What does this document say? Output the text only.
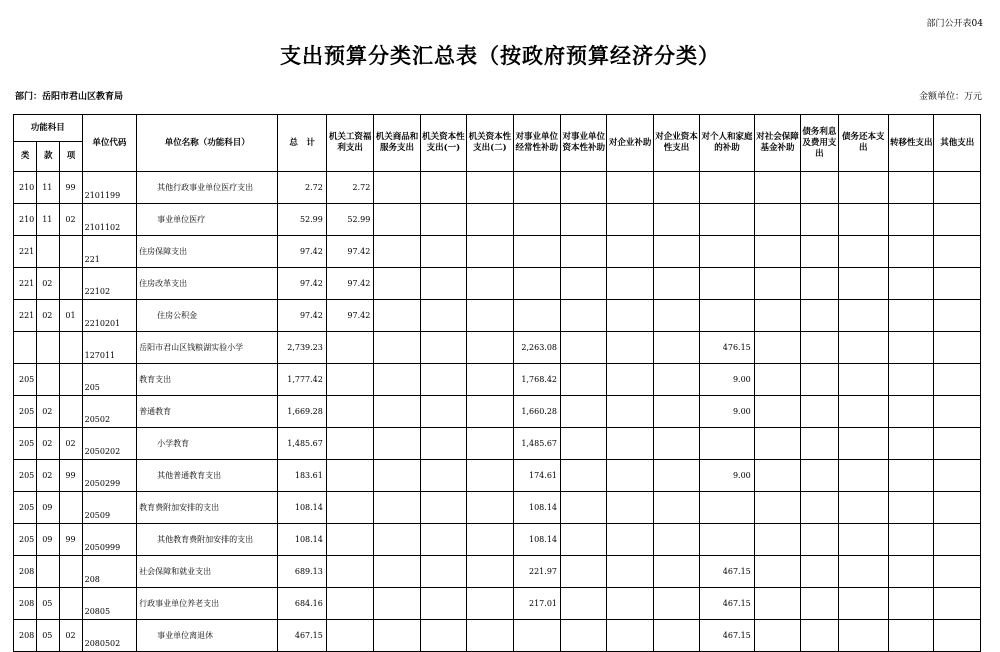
部门公开表04
支出预算分类汇总表（按政府预算经济分类）
部门：岳阳市君山区教育局	金额单位：万元
功能科目			单位代码	单位名称（功能科目）	总　计	机关工资福利支出	机关商品和服务支出	机关资本性支出(一)	机关资本性支出(二)	对事业单位经常性补助	对事业单位资本性补助	对企业补助	对企业资本性支出	对个人和家庭的补助	对社会保障基金补助	债务利息及费用支出	债务还本支出	转移性支出	其他支出
类	款	项																	
210	11	99	2101199	其他行政事业单位医疗支出	2.72	2.72													
210	11	02	2101102	事业单位医疗	52.99	52.99													
221			221	住房保障支出	97.42	97.42													
221	02		22102	住房改革支出	97.42	97.42													
221	02	01	2210201	住房公积金	97.42	97.42													
			127011	岳阳市君山区钱粮湖实验小学	2,739.23					2,263.08				476.15					
205			205	教育支出	1,777.42					1,768.42				9.00					
205	02		20502	普通教育	1,669.28					1,660.28				9.00					
205	02	02	2050202	小学教育	1,485.67					1,485.67									
205	02	99	2050299	其他普通教育支出	183.61					174.61				9.00					
205	09		20509	教育费附加安排的支出	108.14					108.14									
205	09	99	2050999	其他教育费附加安排的支出	108.14					108.14									
208			208	社会保障和就业支出	689.13					221.97				467.15					
208	05		20805	行政事业单位养老支出	684.16					217.01				467.15					
208	05	02	2080502	事业单位离退休	467.15									467.15					
